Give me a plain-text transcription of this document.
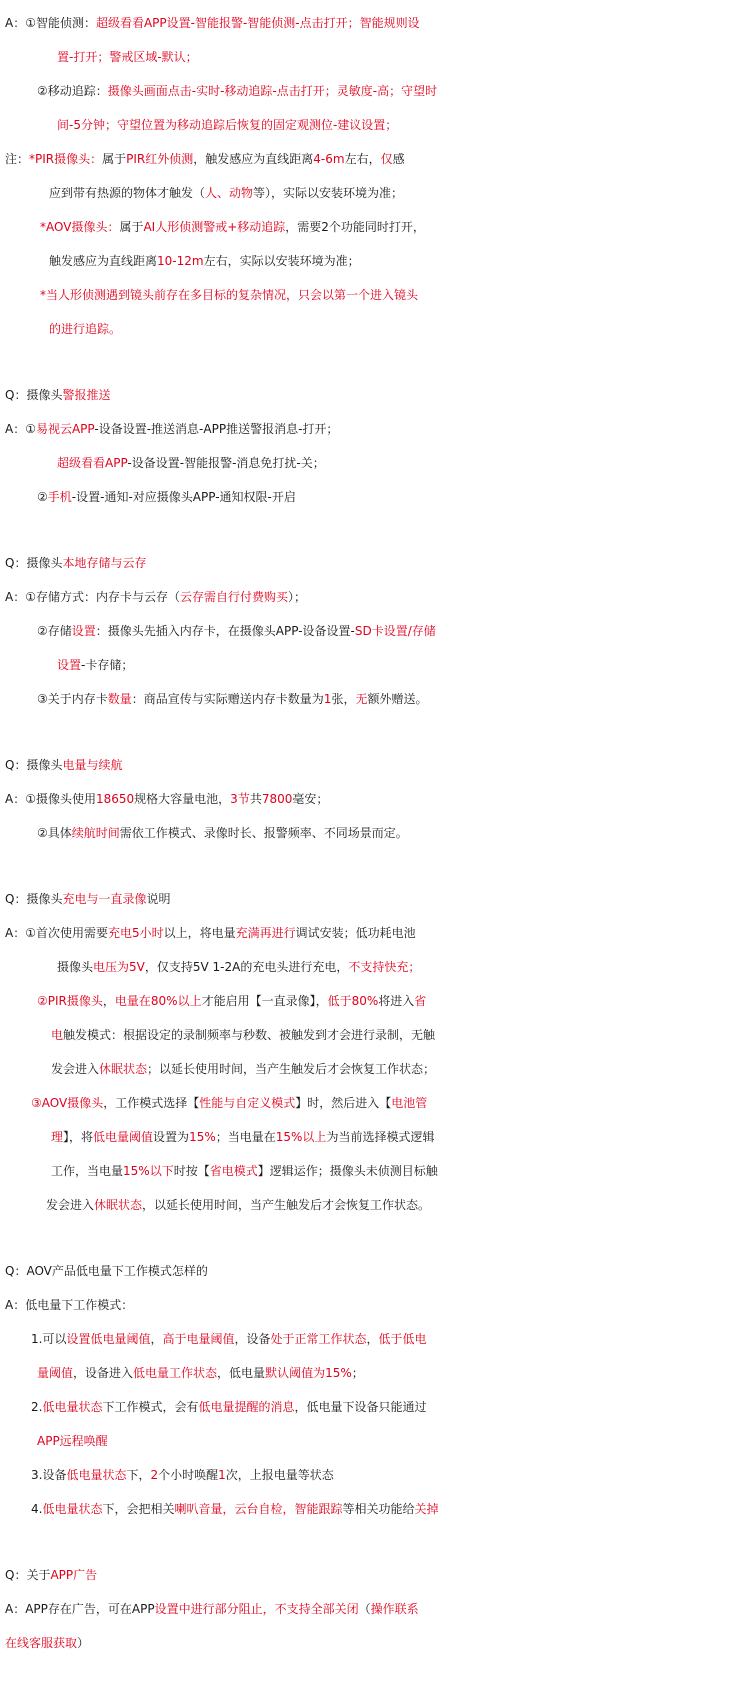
A：①智能侦测：超级看看APP设置-智能报警-智能侦测-点击打开；智能规则设
置-打开；警戒区域-默认；
②移动追踪：摄像头画面点击-实时-移动追踪-点击打开；灵敏度-高；守望时
间-5分钟；守望位置为移动追踪后恢复的固定观测位-建议设置；
注：*PIR摄像头：属于PIR红外侦测，触发感应为直线距离4-6m左右，仅感
应到带有热源的物体才触发（人、动物等），实际以安装环境为准；
*AOV摄像头：属于AI人形侦测警戒+移动追踪，需要2个功能同时打开，
触发感应为直线距离10-12m左右，实际以安装环境为准；
*当人形侦测遇到镜头前存在多目标的复杂情况，只会以第一个进入镜头
的进行追踪。
Q：摄像头警报推送
A：①易视云APP-设备设置-推送消息-APP推送警报消息-打开；
超级看看APP-设备设置-智能报警-消息免打扰-关；
②手机-设置-通知-对应摄像头APP-通知权限-开启
Q：摄像头本地存储与云存
A：①存储方式：内存卡与云存（云存需自行付费购买）；
②存储设置：摄像头先插入内存卡，在摄像头APP-设备设置-SD卡设置/存储
设置-卡存储；
③关于内存卡数量：商品宣传与实际赠送内存卡数量为1张，无额外赠送。
Q：摄像头电量与续航
A：①摄像头使用18650规格大容量电池，3节共7800毫安；
②具体续航时间需依工作模式、录像时长、报警频率、不同场景而定。
Q：摄像头充电与一直录像说明
A：①首次使用需要充电5小时以上，将电量充满再进行调试安装；低功耗电池
摄像头电压为5V，仅支持5V 1-2A的充电头进行充电，不支持快充；
②PIR摄像头，电量在80%以上才能启用【一直录像】，低于80%将进入省
电触发模式：根据设定的录制频率与秒数、被触发到才会进行录制，无触
发会进入休眠状态；以延长使用时间，当产生触发后才会恢复工作状态；
③AOV摄像头，工作模式选择【性能与自定义模式】时，然后进入【电池管
理】，将低电量阈值设置为15%；当电量在15%以上为当前选择模式逻辑
工作，当电量15%以下时按【省电模式】逻辑运作；摄像头未侦测目标触
发会进入休眠状态，以延长使用时间，当产生触发后才会恢复工作状态。
Q：AOV产品低电量下工作模式怎样的
A：低电量下工作模式：
1.可以设置低电量阈值，高于电量阈值，设备处于正常工作状态，低于低电
量阈值，设备进入低电量工作状态，低电量默认阈值为15%；
2.低电量状态下工作模式，会有低电量提醒的消息，低电量下设备只能通过
APP远程唤醒
3.设备低电量状态下，2个小时唤醒1次，上报电量等状态
4.低电量状态下，会把相关喇叭音量，云台自检，智能跟踪等相关功能给关掉
Q：关于APP广告
A：APP存在广告，可在APP设置中进行部分阻止，不支持全部关闭（操作联系
在线客服获取）
